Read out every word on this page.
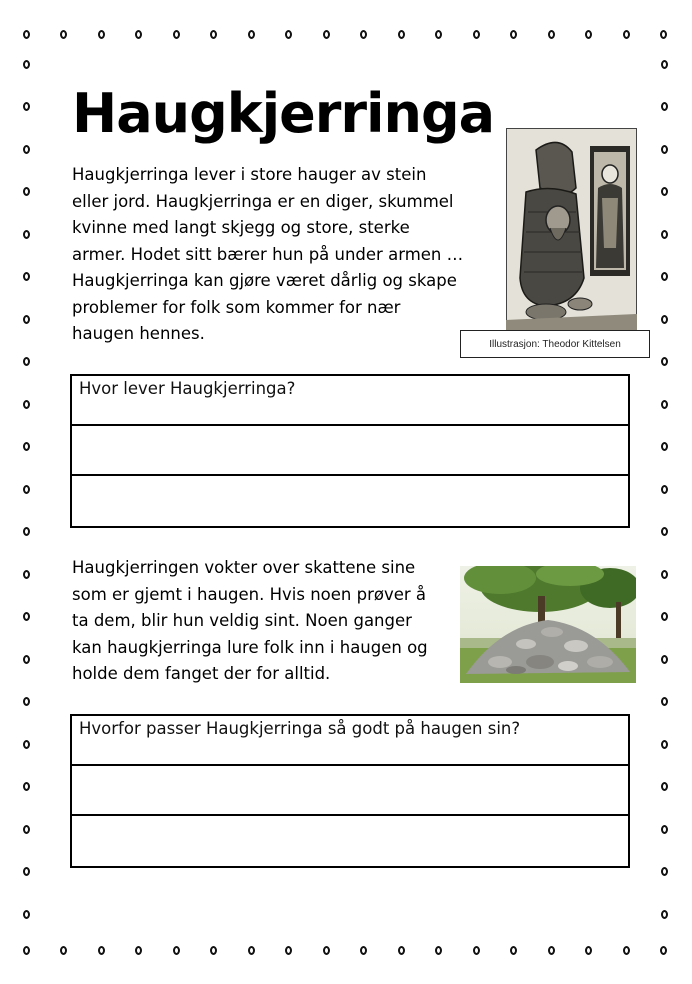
Haugkjerringa
Haugkjerringa lever i store hauger av stein
eller jord. Haugkjerringa er en diger, skummel
kvinne med langt skjegg og store, sterke
armer. Hodet sitt bærer hun på under armen …
Haugkjerringa kan gjøre været dårlig og skape
problemer for folk som kommer for nær
haugen hennes.
Illustrasjon: Theodor Kittelsen
Hvor lever Haugkjerringa?
Haugkjerringen vokter over skattene sine
som er gjemt i haugen. Hvis noen prøver å
ta dem, blir hun veldig sint. Noen ganger
kan haugkjerringa lure folk inn i haugen og
holde dem fanget der for alltid.
Hvorfor passer Haugkjerringa så godt på haugen sin?
